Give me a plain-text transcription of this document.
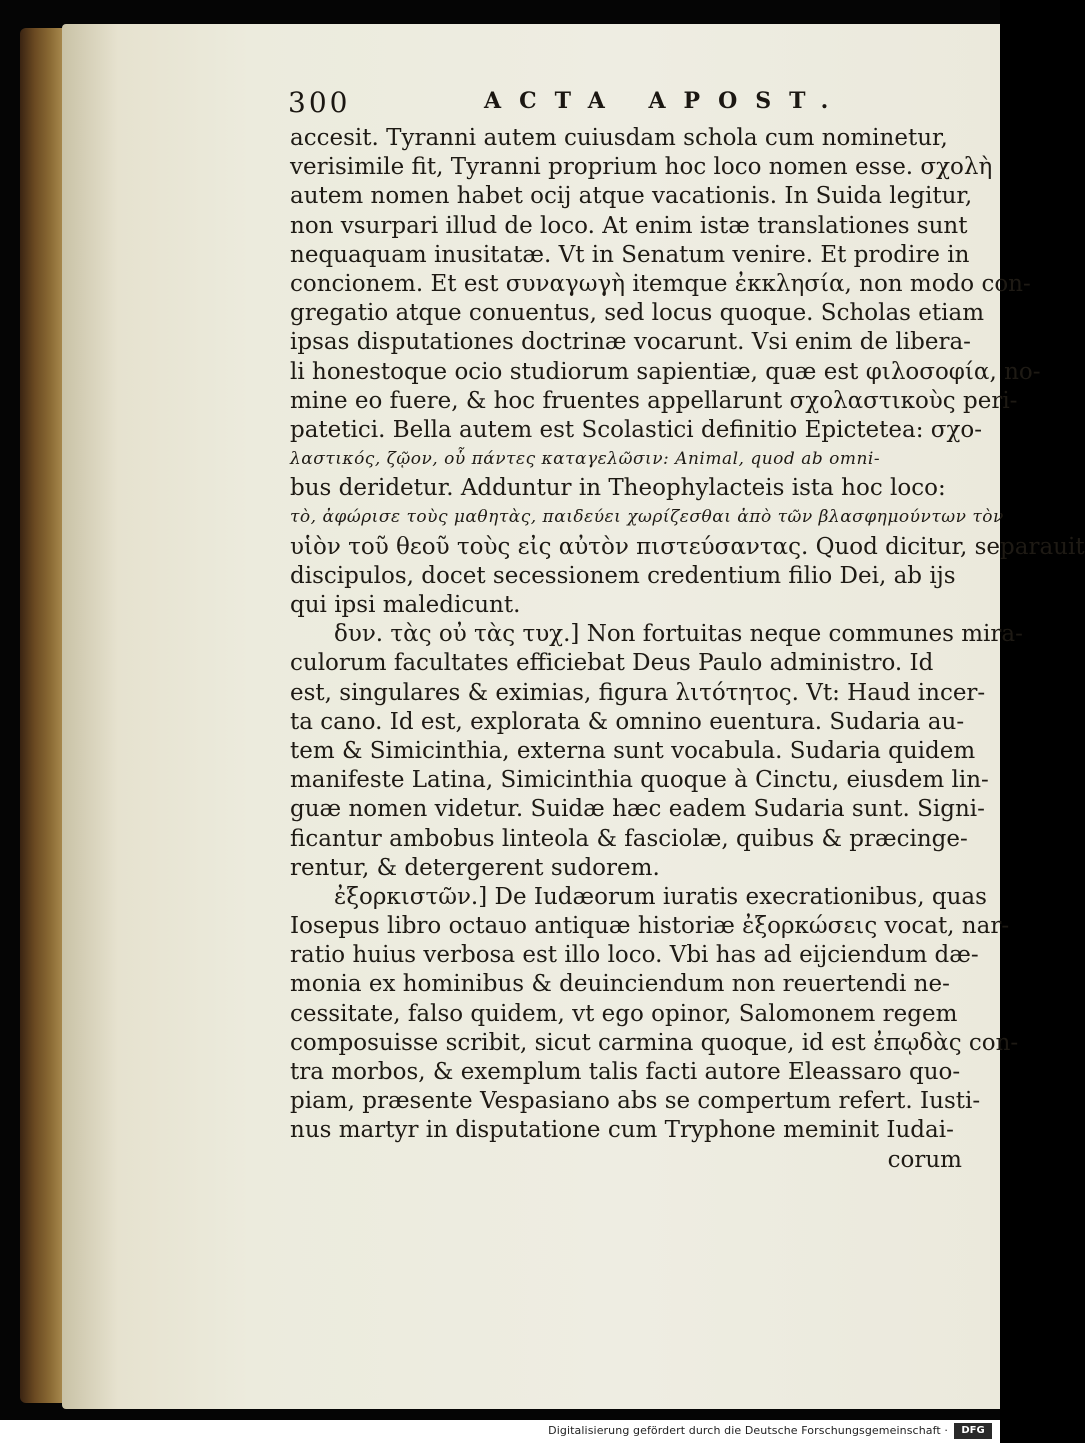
300	ACTA APOST.
accesit. Tyranni autem cuiusdam schola cum nominetur,
verisimile fit, Tyranni proprium hoc loco nomen esse. σχολὴ
autem nomen habet ocij atque vacationis. In Suida legitur,
non vsurpari illud de loco. At enim istæ translationes sunt
nequaquam inusitatæ. Vt in Senatum venire. Et prodire in
concionem. Et est συναγωγὴ itemque ἐκκλησία, non modo con-
gregatio atque conuentus, sed locus quoque. Scholas etiam
ipsas disputationes doctrinæ vocarunt. Vsi enim de libera-
li honestoque ocio studiorum sapientiæ, quæ est φιλοσοφία, no-
mine eo fuere, & hoc fruentes appellarunt σχολαστικοὺς peri-
patetici. Bella autem est Scolastici definitio Epictetea: σχο-
λαστικός, ζῷον, οὗ πάντες καταγελῶσιν: Animal, quod ab omni-
bus deridetur. Adduntur in Theophylacteis ista hoc loco:
τὸ, ἀφώρισε τοὺς μαθητὰς, παιδεύει χωρίζεσθαι ἀπὸ τῶν βλασφημούντων τὸν
υἱὸν τοῦ θεοῦ τοὺς εἰς αὐτὸν πιστεύσαντας. Quod dicitur, separauit
discipulos, docet secessionem credentium filio Dei, ab ijs
qui ipsi maledicunt.
δυν. τὰς οὐ τὰς τυχ.] Non fortuitas neque communes mira-
culorum facultates efficiebat Deus Paulo administro. Id
est, singulares & eximias, figura λιτότητος. Vt: Haud incer-
ta cano. Id est, explorata & omnino euentura. Sudaria au-
tem & Simicinthia, externa sunt vocabula. Sudaria quidem
manifeste Latina, Simicinthia quoque à Cinctu, eiusdem lin-
guæ nomen videtur. Suidæ hæc eadem Sudaria sunt. Signi-
ficantur ambobus linteola & fasciolæ, quibus & præcinge-
rentur, & detergerent sudorem.
ἐξορκιστῶν.] De Iudæorum iuratis execrationibus, quas
Iosepus libro octauo antiquæ historiæ ἐξορκώσεις vocat, nar-
ratio huius verbosa est illo loco. Vbi has ad eijciendum dæ-
monia ex hominibus & deuinciendum non reuertendi ne-
cessitate, falso quidem, vt ego opinor, Salomonem regem
composuisse scribit, sicut carmina quoque, id est ἐπῳδὰς con-
tra morbos, & exemplum talis facti autore Eleassaro quo-
piam, præsente Vespasiano abs se compertum refert. Iusti-
nus martyr in disputatione cum Tryphone meminit Iudai-
corum
Digitalisierung gefördert durch die Deutsche Forschungsgemeinschaft ·	DFG
